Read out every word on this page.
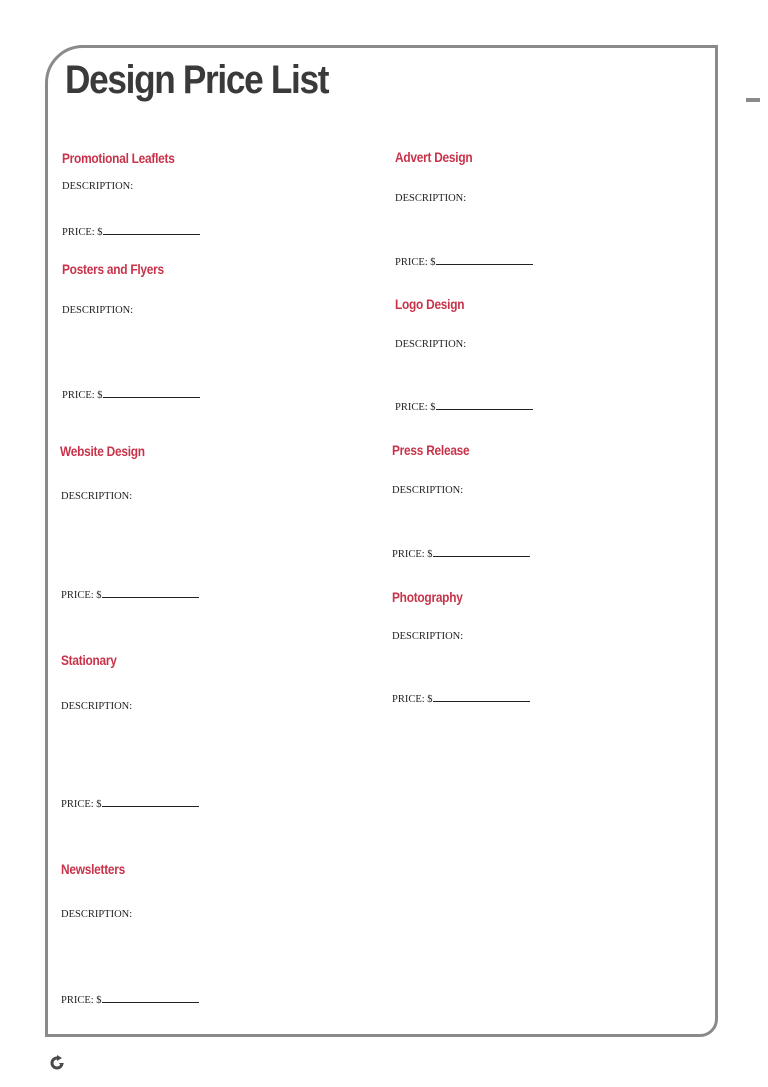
Design Price List
Promotional Leaflets
DESCRIPTION:
PRICE: $
Posters and Flyers
DESCRIPTION:
PRICE: $
Website Design
DESCRIPTION:
PRICE: $
Stationary
DESCRIPTION:
PRICE: $
Newsletters
DESCRIPTION:
PRICE: $
Advert Design
DESCRIPTION:
PRICE: $
Logo Design
DESCRIPTION:
PRICE: $
Press Release
DESCRIPTION:
PRICE: $
Photography
DESCRIPTION:
PRICE: $
